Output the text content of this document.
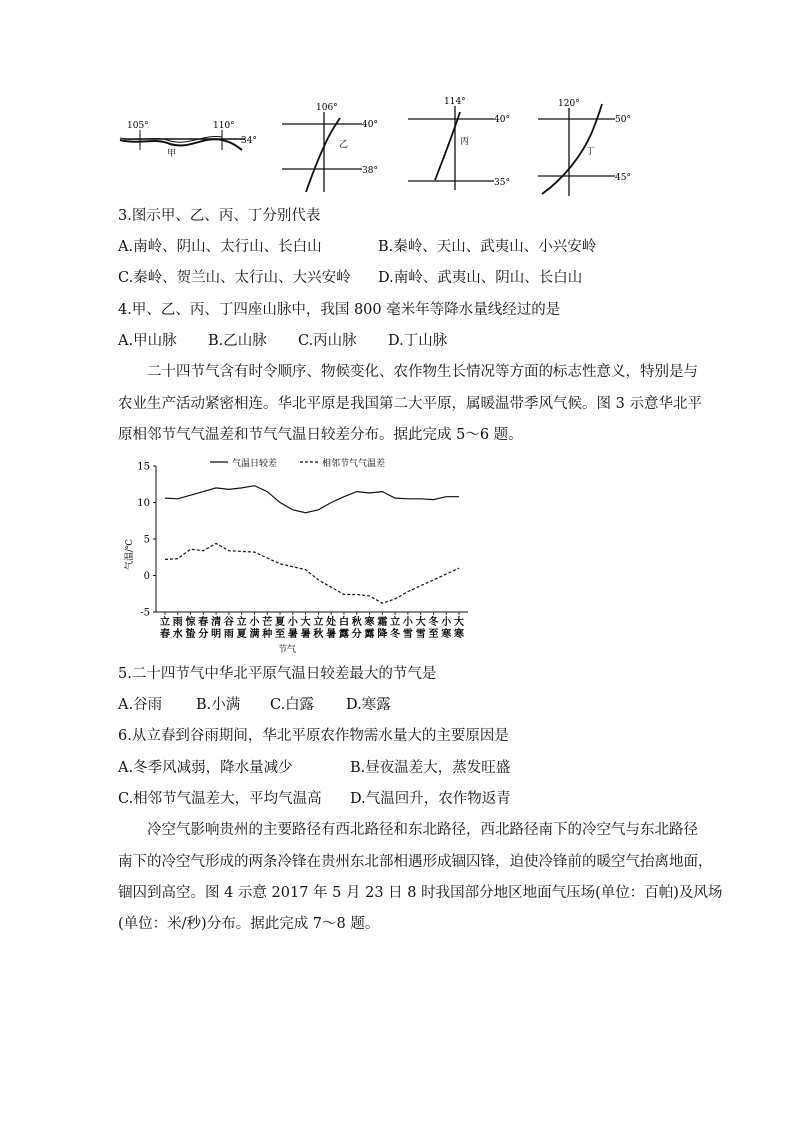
105°	110°
34°
甲
106°
40°
38°
乙
114°
40°
35°
丙
120°
50°
45°
丁
3.图示甲、乙、丙、丁分别代表
A.南岭、阴山、太行山、长白山	B.秦岭、天山、武夷山、小兴安岭
C.秦岭、贺兰山、太行山、大兴安岭 D.南岭、武夷山、阴山、长白山
4.甲、乙、丙、丁四座山脉中，我国 800 毫米年等降水量线经过的是
A.甲山脉 B.乙山脉 C.丙山脉 D.丁山脉
二十四节气含有时令顺序、物候变化、农作物生长情况等方面的标志性意义，特别是与
农业生产活动紧密相连。华北平原是我国第二大平原，属暖温带季风气候。图 3 示意华北平
原相邻节气气温差和节气气温日较差分布。据此完成 5～6 题。
气温/℃
节气
气温日较差	相邻节气气温差
-5
0
5
10
15
立
春
雨
水
惊
蛰
春
分
清
明
谷
雨
立
夏
小
满
芒
种
夏
至
小
暑
大
暑
立
秋
处
暑
白
露
秋
分
寒
露
霜
降
立
冬
小
雪
大
雪
冬
至
小
寒
大
寒
5.二十四节气中华北平原气温日较差最大的节气是
A.谷雨 B.小满 C.白露 D.寒露
6.从立春到谷雨期间，华北平原农作物需水量大的主要原因是
A.冬季风减弱，降水量减少	B.昼夜温差大，蒸发旺盛
C.相邻节气温差大，平均气温高 D.气温回升，农作物返青
冷空气影响贵州的主要路径有西北路径和东北路径，西北路径南下的冷空气与东北路径
南下的冷空气形成的两条冷锋在贵州东北部相遇形成锢囚锋，迫使冷锋前的暖空气抬离地面，
锢囚到高空。图 4 示意 2017 年 5 月 23 日 8 时我国部分地区地面气压场(单位：百帕)及风场
(单位：米/秒)分布。据此完成 7～8 题。
